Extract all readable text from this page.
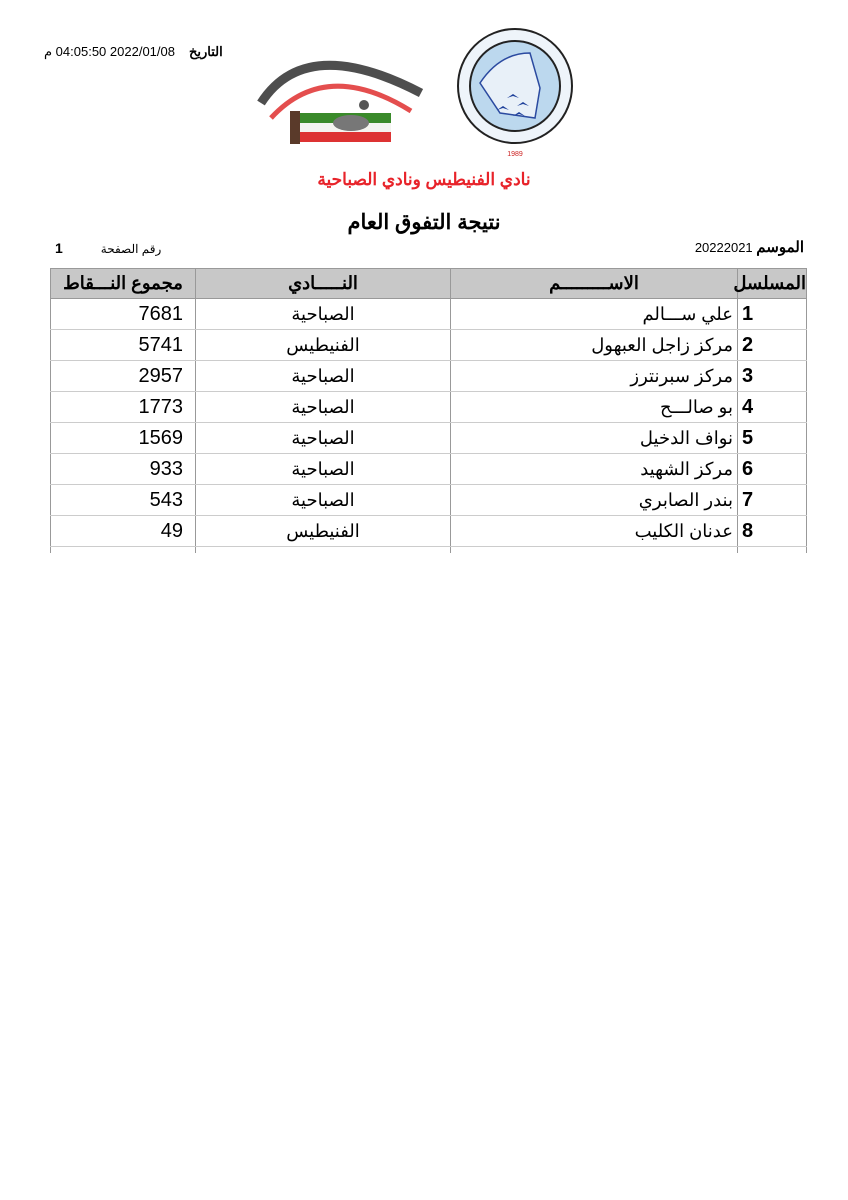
التاريخ2022/01/08 04:05:50 م
1989
نادي الفنيطيس ونادي الصباحية
نتيجة التفوق العام
الموسم 20222021
رقم الصفحة1
المسلسل	الاســـــــــم	النـــــادي	مجموع النـــقاط
1	علي ســـالم	الصباحية	7681
2	مركز زاجل العبهول	الفنيطيس	5741
3	مركز سبرنترز	الصباحية	2957
4	بو صالـــح	الصباحية	1773
5	نواف الدخيل	الصباحية	1569
6	مركز الشهيد	الصباحية	933
7	بندر الصابري	الصباحية	543
8	عدنان الكليب	الفنيطيس	49
